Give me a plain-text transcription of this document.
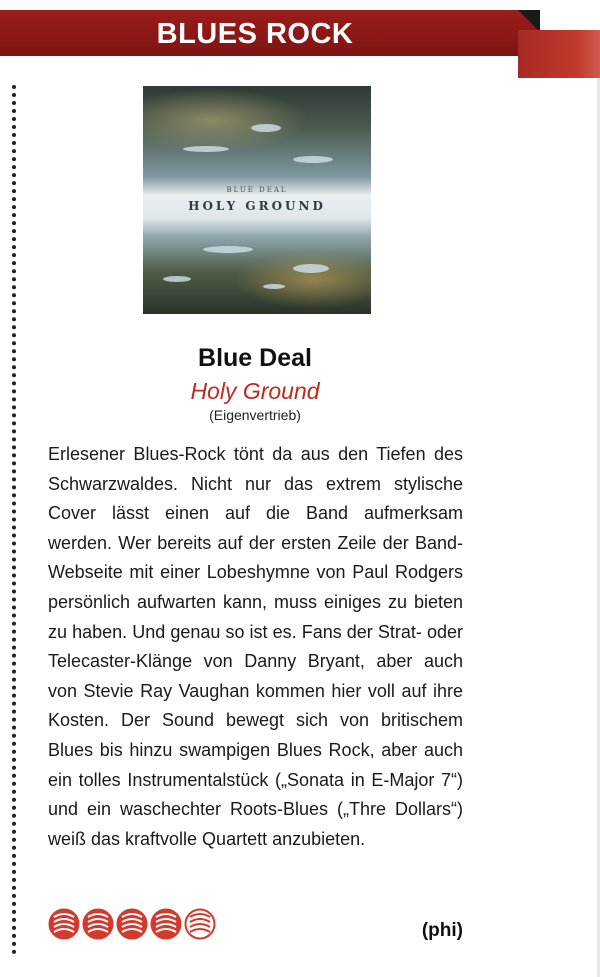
BLUES ROCK
BLUE DEAL
HOLY GROUND
Blue Deal
Holy Ground
(Eigenvertrieb)

Erlesener Blues-Rock tönt da aus den Tiefen des Schwarzwaldes. Nicht nur das extrem stylische Cover lässt einen auf die Band aufmerksam werden. Wer bereits auf der ersten Zeile der Band-Webseite mit einer Lobeshymne von Paul Rodgers persönlich aufwarten kann, muss einiges zu bieten zu haben. Und genau so ist es. Fans der Strat- oder Telecaster-Klänge von Danny Bryant, aber auch von Stevie Ray Vaughan kommen hier voll auf ihre Kosten. Der Sound bewegt sich von britischem Blues bis hinzu swampigen Blues Rock, aber auch ein tolles Instrumentalstück („Sonata in E-Major 7“) und ein waschechter Roots-Blues („Thre Dollars“) weiß das kraftvolle Quartett anzubieten.

(phi)
